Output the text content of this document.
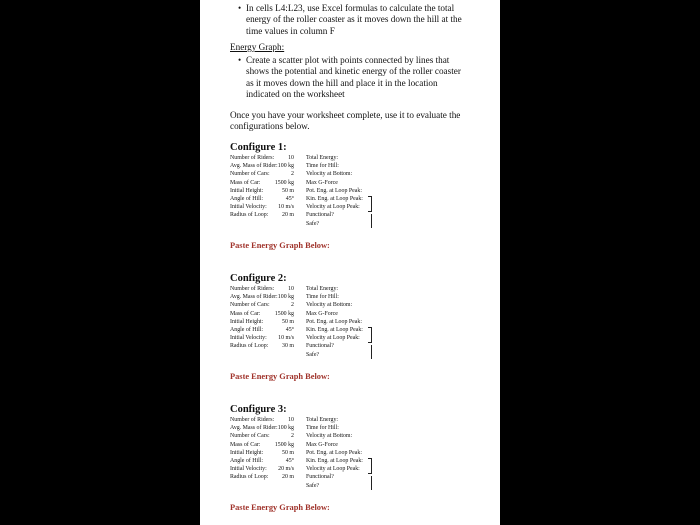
• In cells L4:L23, use Excel formulas to calculate the total
energy of the roller coaster as it moves down the hill at the
time values in column F
Energy Graph:
• Create a scatter plot with points connected by lines that
shows the potential and kinetic energy of the roller coaster
as it moves down the hill and place it in the location
indicated on the worksheet
Once you have your worksheet complete, use it to evaluate the
configurations below.
Configure 1:
Number of Riders:	10 Total Energy:
Avg. Mass of Rider: 100 kg Time for Hill:
Number of Cars:	2 Velocity at Bottom:
Mass of Car:	1500 kg Max G-Force
Initial Height:	50 m Pot. Eng. at Loop Peak:
Angle of Hill:	45° Kin. Eng. at Loop Peak:
Initial Velocity:	10 m/s Velocity at Loop Peak:
Radius of Loop:	20 m Functional?
Safe?
Paste Energy Graph Below:
Configure 2:
Number of Riders:	10 Total Energy:
Avg. Mass of Rider: 100 kg Time for Hill:
Number of Cars:	2 Velocity at Bottom:
Mass of Car:	1500 kg Max G-Force
Initial Height:	50 m Pot. Eng. at Loop Peak:
Angle of Hill:	45° Kin. Eng. at Loop Peak:
Initial Velocity:	10 m/s Velocity at Loop Peak:
Radius of Loop:	30 m Functional?
Safe?
Paste Energy Graph Below:
Configure 3:
Number of Riders:	10 Total Energy:
Avg. Mass of Rider: 100 kg Time for Hill:
Number of Cars:	2 Velocity at Bottom:
Mass of Car:	1500 kg Max G-Force
Initial Height:	50 m Pot. Eng. at Loop Peak:
Angle of Hill:	45° Kin. Eng. at Loop Peak:
Initial Velocity:	20 m/s Velocity at Loop Peak:
Radius of Loop:	20 m Functional?
Safe?
Paste Energy Graph Below:
